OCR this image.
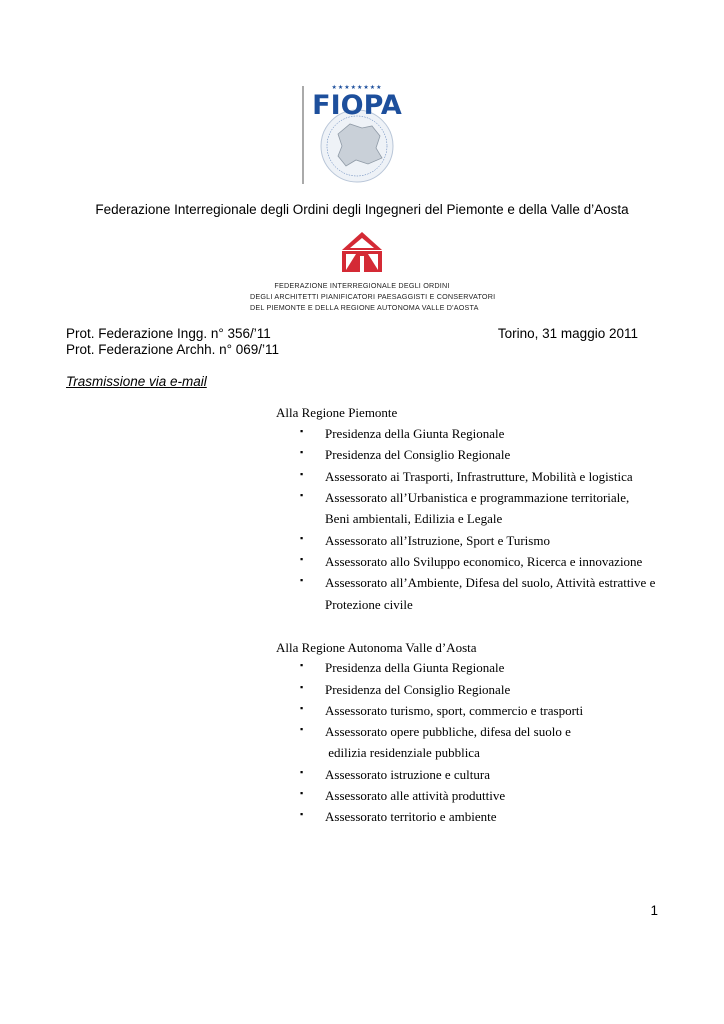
★★★★★★★★
FIOPA
Federazione Interregionale degli Ordini degli Ingegneri del Piemonte e della Valle d’Aosta
FEDERAZIONE INTERREGIONALE DEGLI ORDINI
DEGLI ARCHITETTI PIANIFICATORI PAESAGGISTI E CONSERVATORI
DEL PIEMONTE E DELLA REGIONE AUTONOMA VALLE D'AOSTA
Prot. Federazione Ingg. n° 356/’11
Prot. Federazione Archh. n° 069/’11
Torino, 31 maggio 2011
Trasmissione via e-mail
Alla Regione Piemonte
▪ Presidenza della Giunta Regionale
▪ Presidenza del Consiglio Regionale
▪ Assessorato ai Trasporti, Infrastrutture, Mobilità e logistica
▪ Assessorato all’Urbanistica e programmazione territoriale,
Beni ambientali, Edilizia e Legale
▪ Assessorato all’Istruzione, Sport e Turismo
▪ Assessorato allo Sviluppo economico, Ricerca e innovazione
▪ Assessorato all’Ambiente, Difesa del suolo, Attività estrattive e
Protezione civile
Alla Regione Autonoma Valle d’Aosta
▪ Presidenza della Giunta Regionale
▪ Presidenza del Consiglio Regionale
▪ Assessorato turismo, sport, commercio e trasporti
▪ Assessorato opere pubbliche, difesa del suolo e
edilizia residenziale pubblica
▪ Assessorato istruzione e cultura
▪ Assessorato alle attività produttive
▪ Assessorato territorio e ambiente
1
